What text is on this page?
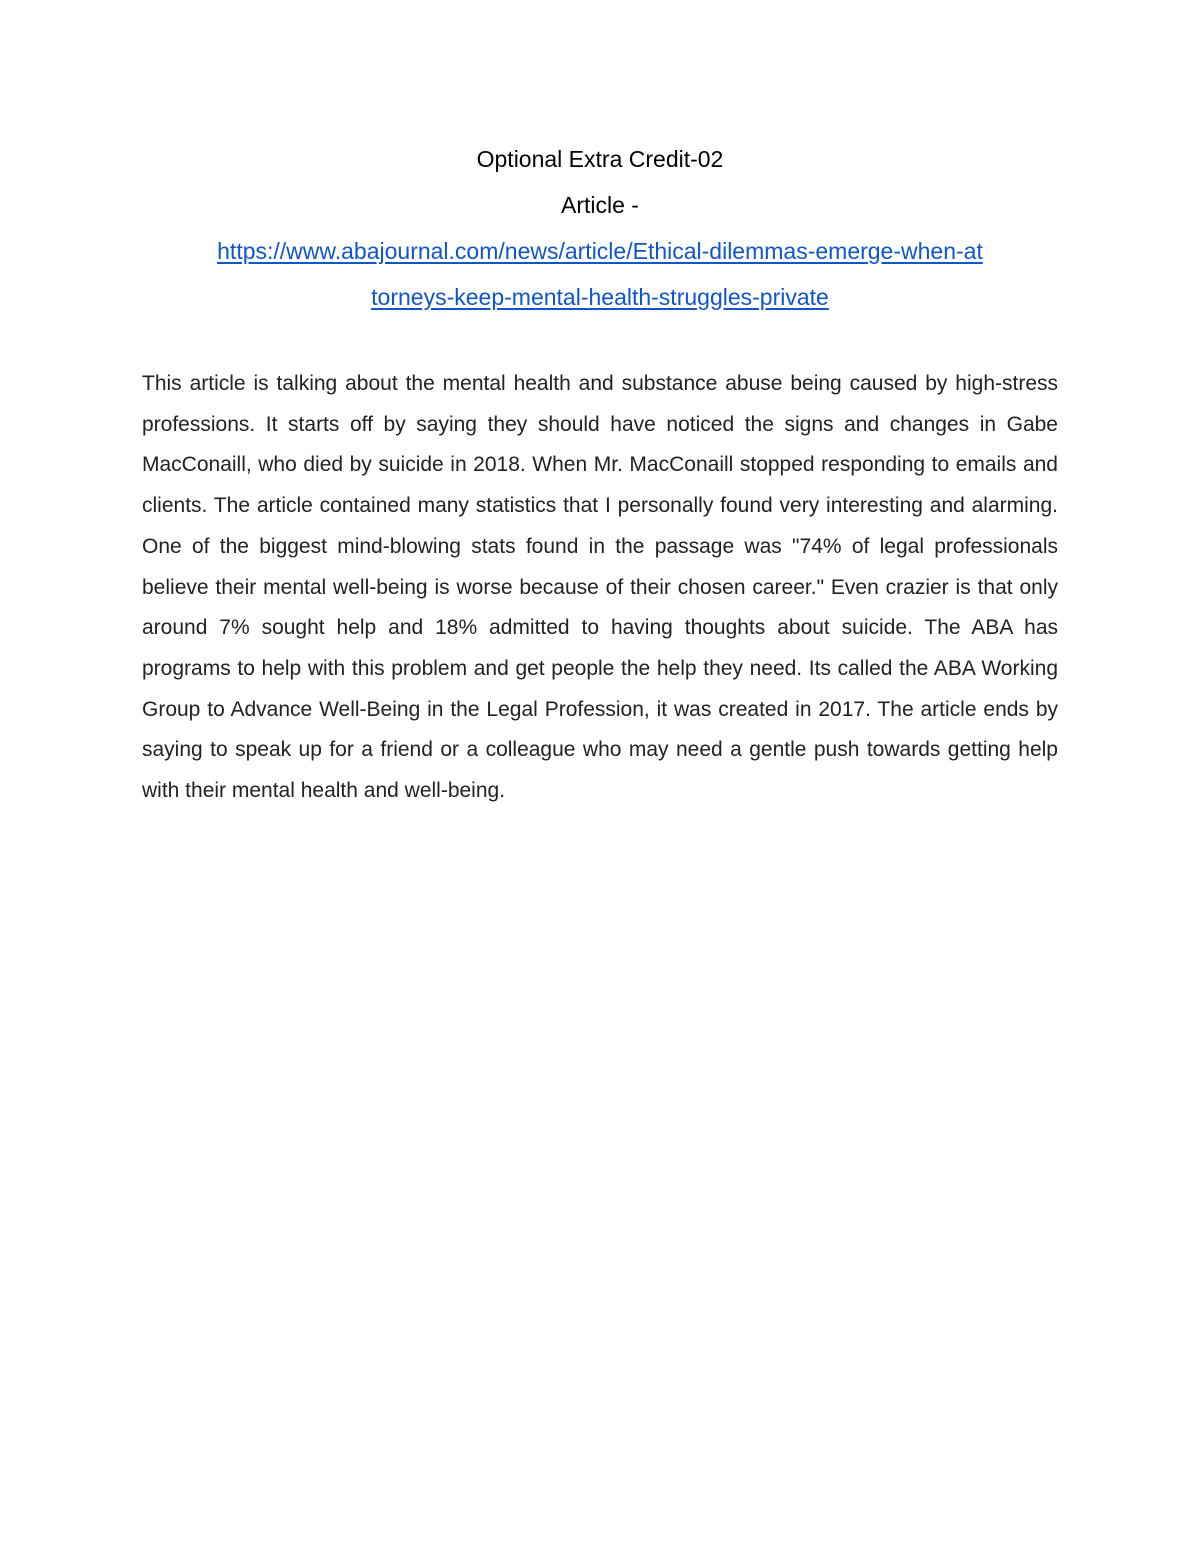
Optional Extra Credit-02
Article -

https://www.abajournal.com/news/article/Ethical-dilemmas-emerge-when-at
torneys-keep-mental-health-struggles-private

This article is talking about the mental health and substance abuse being caused by high-stress professions. It starts off by saying they should have noticed the signs and changes in Gabe MacConaill, who died by suicide in 2018. When Mr. MacConaill stopped responding to emails and clients. The article contained many statistics that I personally found very interesting and alarming. One of the biggest mind-blowing stats found in the passage was "74% of legal professionals believe their mental well-being is worse because of their chosen career." Even crazier is that only around 7% sought help and 18% admitted to having thoughts about suicide. The ABA has programs to help with this problem and get people the help they need. Its called the ABA Working Group to Advance Well-Being in the Legal Profession, it was created in 2017. The article ends by saying to speak up for a friend or a colleague who may need a gentle push towards getting help with their mental health and well-being.
